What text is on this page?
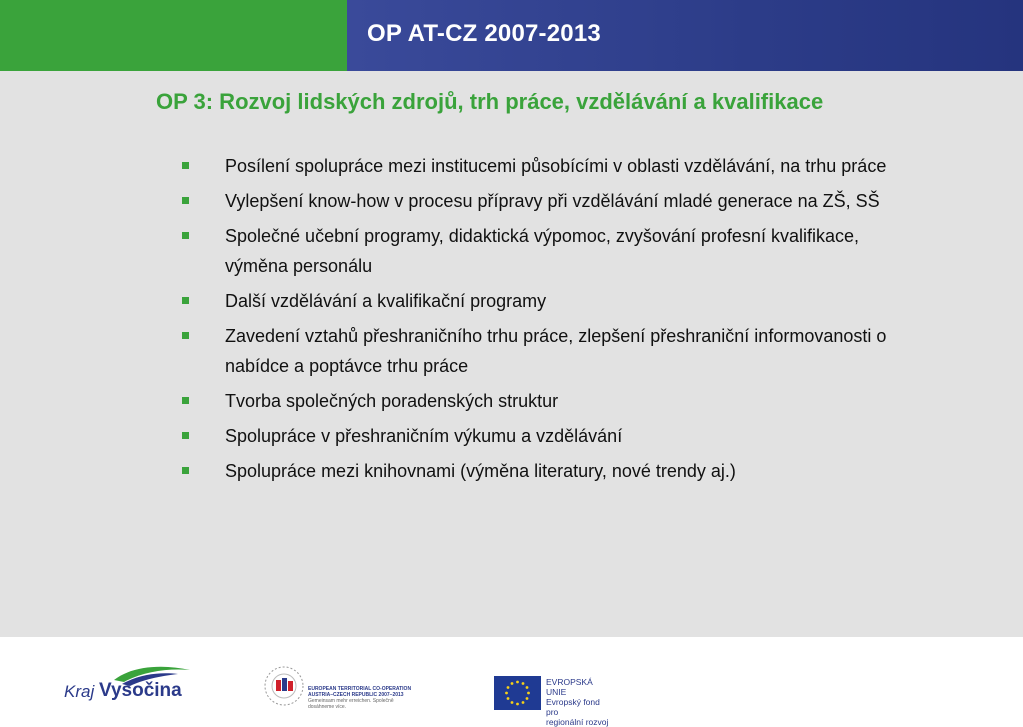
OP AT-CZ 2007-2013
OP 3: Rozvoj lidských zdrojů, trh práce, vzdělávání a kvalifikace
Posílení spolupráce mezi institucemi působícími v oblasti vzdělávání, na trhu práce
Vylepšení know-how v procesu přípravy při vzdělávání mladé generace na ZŠ, SŠ
Společné učební programy, didaktická výpomoc, zvyšování profesní kvalifikace, výměna personálu
Další vzdělávání a kvalifikační programy
Zavedení vztahů přeshraničního trhu práce, zlepšení přeshraniční informovanosti o nabídce a poptávce trhu práce
Tvorba společných poradenských struktur
Spolupráce v přeshraničním výkumu a vzdělávání
Spolupráce mezi knihovnami (výměna literatury, nové trendy aj.)
Kraj Vysočina	EUROPEAN TERRITORIAL CO-OPERATION
AUSTRIA–CZECH REPUBLIC 2007–2013
Gemeinsam mehr erreichen. Společně dosáhneme více.
EVROPSKÁ UNIE
Evropský fond pro
regionální rozvoj
